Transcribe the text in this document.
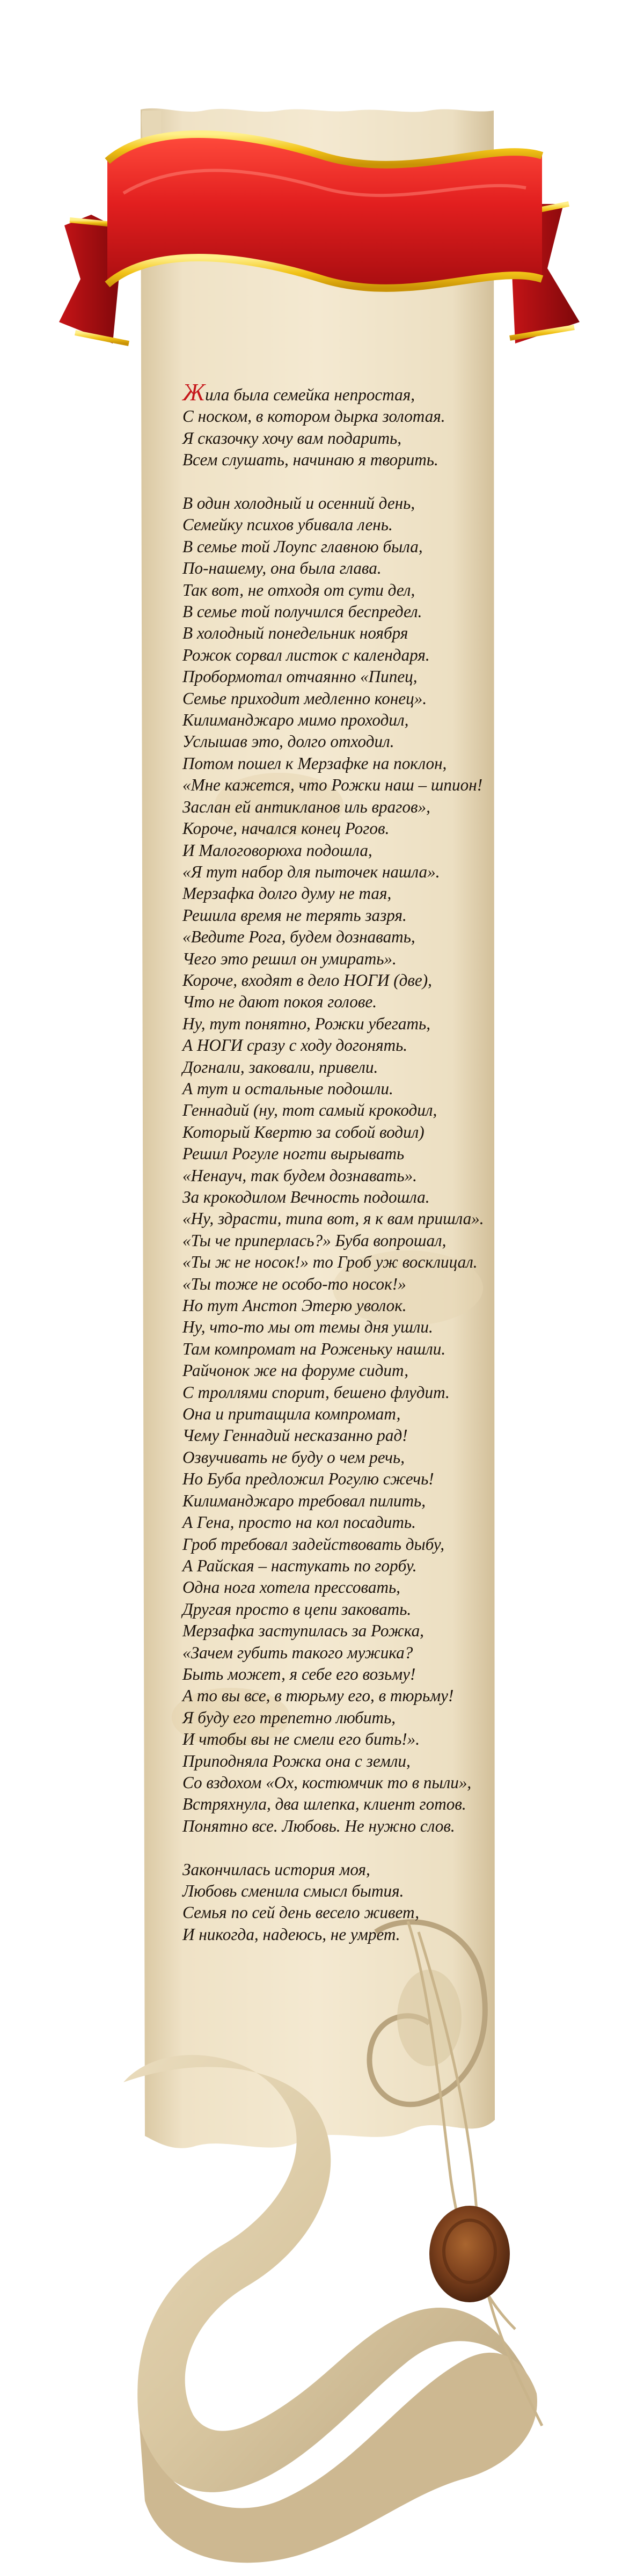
Жила была семейка непростая,
С носком, в котором дырка золотая.
Я сказочку хочу вам подарить,
Всем слушать, начинаю я творить.
В один холодный и осенний день,
Семейку психов убивала лень.
В семье той Лоупс главною была,
По-нашему, она была глава.
Так вот, не отходя от сути дел,
В семье той получился беспредел.
В холодный понедельник ноября
Рожок сорвал листок с календаря.
Пробормотал отчаянно «Пипец,
Семье приходит медленно конец».
Килиманджаро мимо проходил,
Услышав это, долго отходил.
Потом пошел к Мерзафке на поклон,
«Мне кажется, что Рожки наш – шпион!
Заслан ей антикланов иль врагов»,
Короче, начался конец Рогов.
И Малоговорюха подошла,
«Я тут набор для пыточек нашла».
Мерзафка долго думу не тая,
Решила время не терять зазря.
«Ведите Рога, будем дознавать,
Чего это решил он умирать».
Короче, входят в дело НОГИ (две),
Что не дают покоя голове.
Ну, тут понятно, Рожки убегать,
А НОГИ сразу с ходу догонять.
Догнали, заковали, привели.
А тут и остальные подошли.
Геннадий (ну, тот самый крокодил,
Который Квертю за собой водил)
Решил Рогуле ногти вырывать
«Ненауч, так будем дознавать».
За крокодилом Вечность подошла.
«Ну, здрасти, типа вот, я к вам пришла».
«Ты че приперлась?» Буба вопрошал,
«Ты ж не носок!» то Гроб уж восклицал.
«Ты тоже не особо-то носок!»
Но тут Анстоп Этерю уволок.
Ну, что-то мы от темы дня ушли.
Там компромат на Роженьку нашли.
Райчонок же на форуме сидит,
С троллями спорит, бешено флудит.
Она и притащила компромат,
Чему Геннадий несказанно рад!
Озвучивать не буду о чем речь,
Но Буба предложил Рогулю сжечь!
Килиманджаро требовал пилить,
А Гена, просто на кол посадить.
Гроб требовал задействовать дыбу,
А Райская – настукать по горбу.
Одна нога хотела прессовать,
Другая просто в цепи заковать.
Мерзафка заступилась за Рожка,
«Зачем губить такого мужика?
Быть может, я себе его возьму!
А то вы все, в тюрьму его, в тюрьму!
Я буду его трепетно любить,
И чтобы вы не смели его бить!».
Приподняла Рожка она с земли,
Со вздохом «Ох, костюмчик то в пыли»,
Встряхнула, два шлепка, клиент готов.
Понятно все. Любовь. Не нужно слов.
Закончилась история моя,
Любовь сменила смысл бытия.
Семья по сей день весело живет,
И никогда, надеюсь, не умрет.
